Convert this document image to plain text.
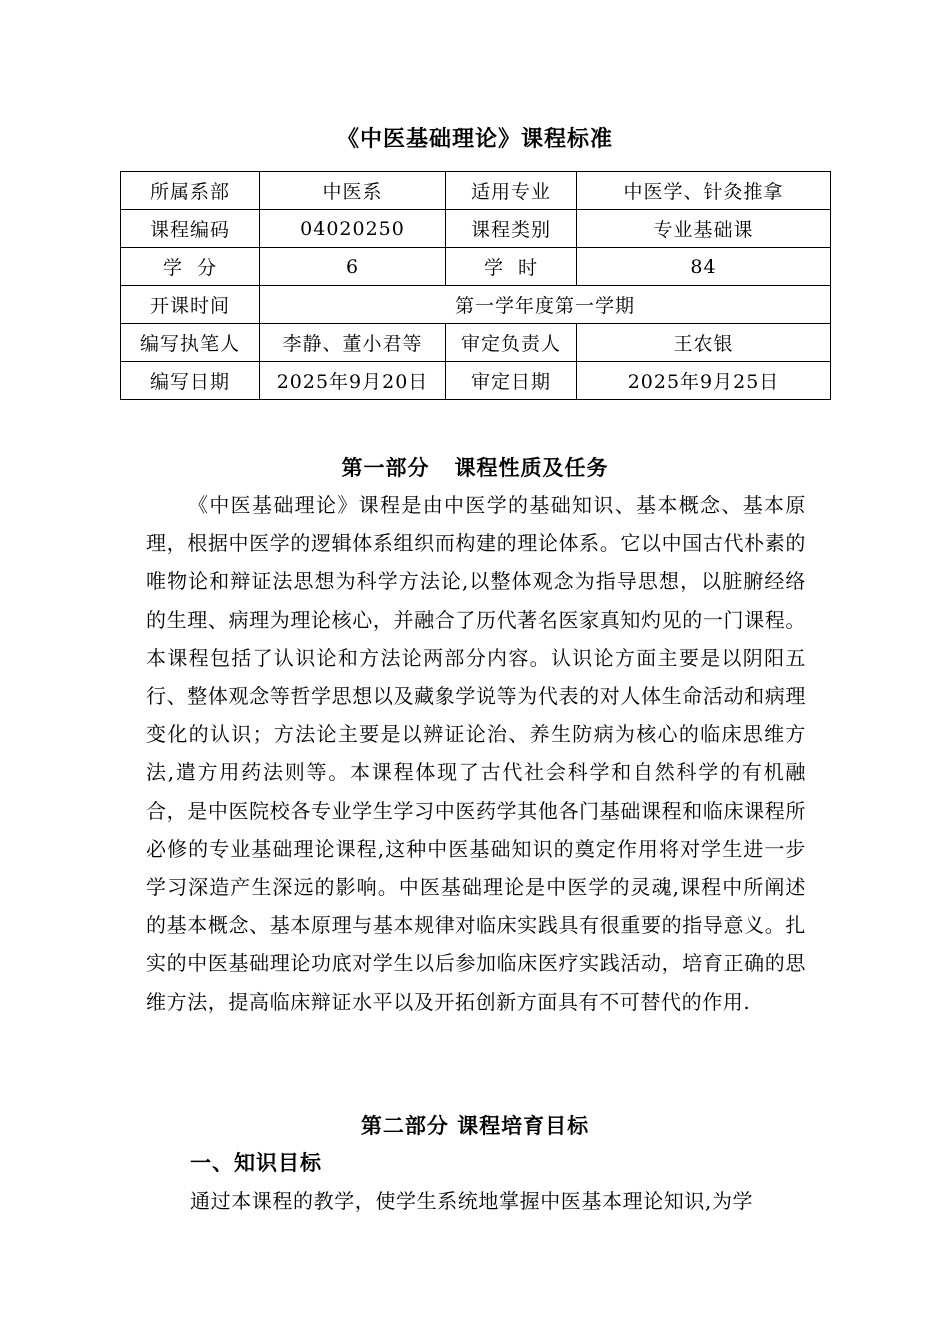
《中医基础理论》课程标准
所属系部	中医系	适用专业	中医学、针灸推拿
课程编码	04020250	课程类别	专业基础课
学  分	6	学  时	84
开课时间	第一学年度第一学期		
编写执笔人	李静、董小君等	审定负责人	王农银
编写日期	2025年9月20日	审定日期	2025年9月25日
第一部分   课程性质及任务
《中医基础理论》课程是由中医学的基础知识、基本概念、基本原理，根据中医学的逻辑体系组织而构建的理论体系。它以中国古代朴素的唯物论和辩证法思想为科学方法论,以整体观念为指导思想，以脏腑经络的生理、病理为理论核心，并融合了历代著名医家真知灼见的一门课程。本课程包括了认识论和方法论两部分内容。认识论方面主要是以阴阳五行、整体观念等哲学思想以及藏象学说等为代表的对人体生命活动和病理变化的认识；方法论主要是以辨证论治、养生防病为核心的临床思维方法,遣方用药法则等。本课程体现了古代社会科学和自然科学的有机融合，是中医院校各专业学生学习中医药学其他各门基础课程和临床课程所必修的专业基础理论课程,这种中医基础知识的奠定作用将对学生进一步学习深造产生深远的影响。中医基础理论是中医学的灵魂,课程中所阐述的基本概念、基本原理与基本规律对临床实践具有很重要的指导意义。扎实的中医基础理论功底对学生以后参加临床医疗实践活动，培育正确的思维方法，提高临床辩证水平以及开拓创新方面具有不可替代的作用.
第二部分 课程培育目标
一、知识目标
通过本课程的教学，使学生系统地掌握中医基本理论知识,为学
